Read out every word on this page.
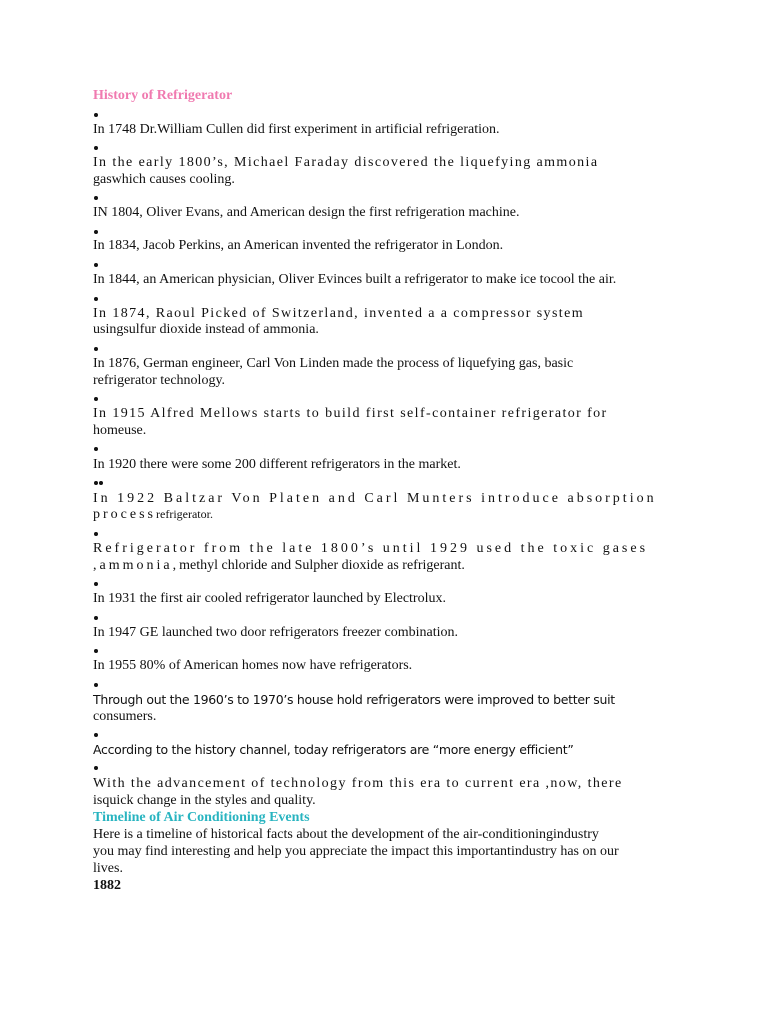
History of Refrigerator
In 1748 Dr.William Cullen did first experiment in artificial refrigeration.
In the early 1800’s, Michael Faraday discovered the liquefying ammonia
gaswhich causes cooling.
IN 1804, Oliver Evans, and American design the first refrigeration machine.
In 1834, Jacob Perkins, an American invented the refrigerator in London.
In 1844, an American physician, Oliver Evinces built a refrigerator to make ice tocool the air.
In 1874, Raoul Picked of Switzerland, invented a a compressor system
usingsulfur dioxide instead of ammonia.
In 1876, German engineer, Carl Von Linden made the process of liquefying gas, basic
refrigerator technology.
In 1915 Alfred Mellows starts to build first self-container refrigerator for
homeuse.
In 1920 there were some 200 different refrigerators in the market.
In 1922 Baltzar Von Platen and Carl Munters introduce absorption
processrefrigerator.
Refrigerator from the late 1800’s until 1929 used the toxic gases
,ammonia,methyl chloride and Sulpher dioxide as refrigerant.
In 1931 the first air cooled refrigerator launched by Electrolux.
In 1947 GE launched two door refrigerators freezer combination.
In 1955 80% of American homes now have refrigerators.
Through out the 1960’s to 1970’s house hold refrigerators were improved to better suit
consumers.
According to the history channel, today refrigerators are “more energy efficient”
With the advancement of technology from this era to current era ,now, there
isquick change in the styles and quality.
Timeline of Air Conditioning Events
Here is a timeline of historical facts about the development of the air-conditioningindustry
you may find interesting and help you appreciate the impact this importantindustry has on our
lives.
1882
